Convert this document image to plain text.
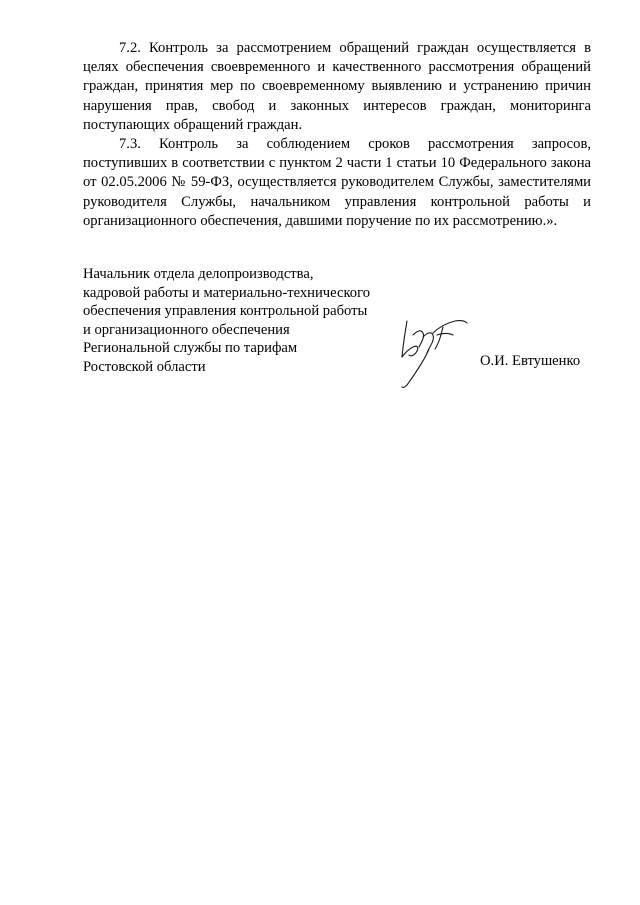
7.2. Контроль за рассмотрением обращений граждан осуществляется в целях обеспечения своевременного и качественного рассмотрения обращений граждан, принятия мер по своевременному выявлению и устранению причин нарушения прав, свобод и законных интересов граждан, мониторинга поступающих обращений граждан.

7.3. Контроль за соблюдением сроков рассмотрения запросов, поступивших в соответствии с пунктом 2 части 1 статьи 10 Федерального закона от 02.05.2006 № 59-ФЗ, осуществляется руководителем Службы, заместителями руководителя Службы, начальником управления контрольной работы и организационного обеспечения, давшими поручение по их рассмотрению.».

Начальник отдела делопроизводства,
кадровой работы и материально-технического
обеспечения управления контрольной работы
и организационного обеспечения
Региональной службы по тарифам
Ростовской области	О.И. Евтушенко
